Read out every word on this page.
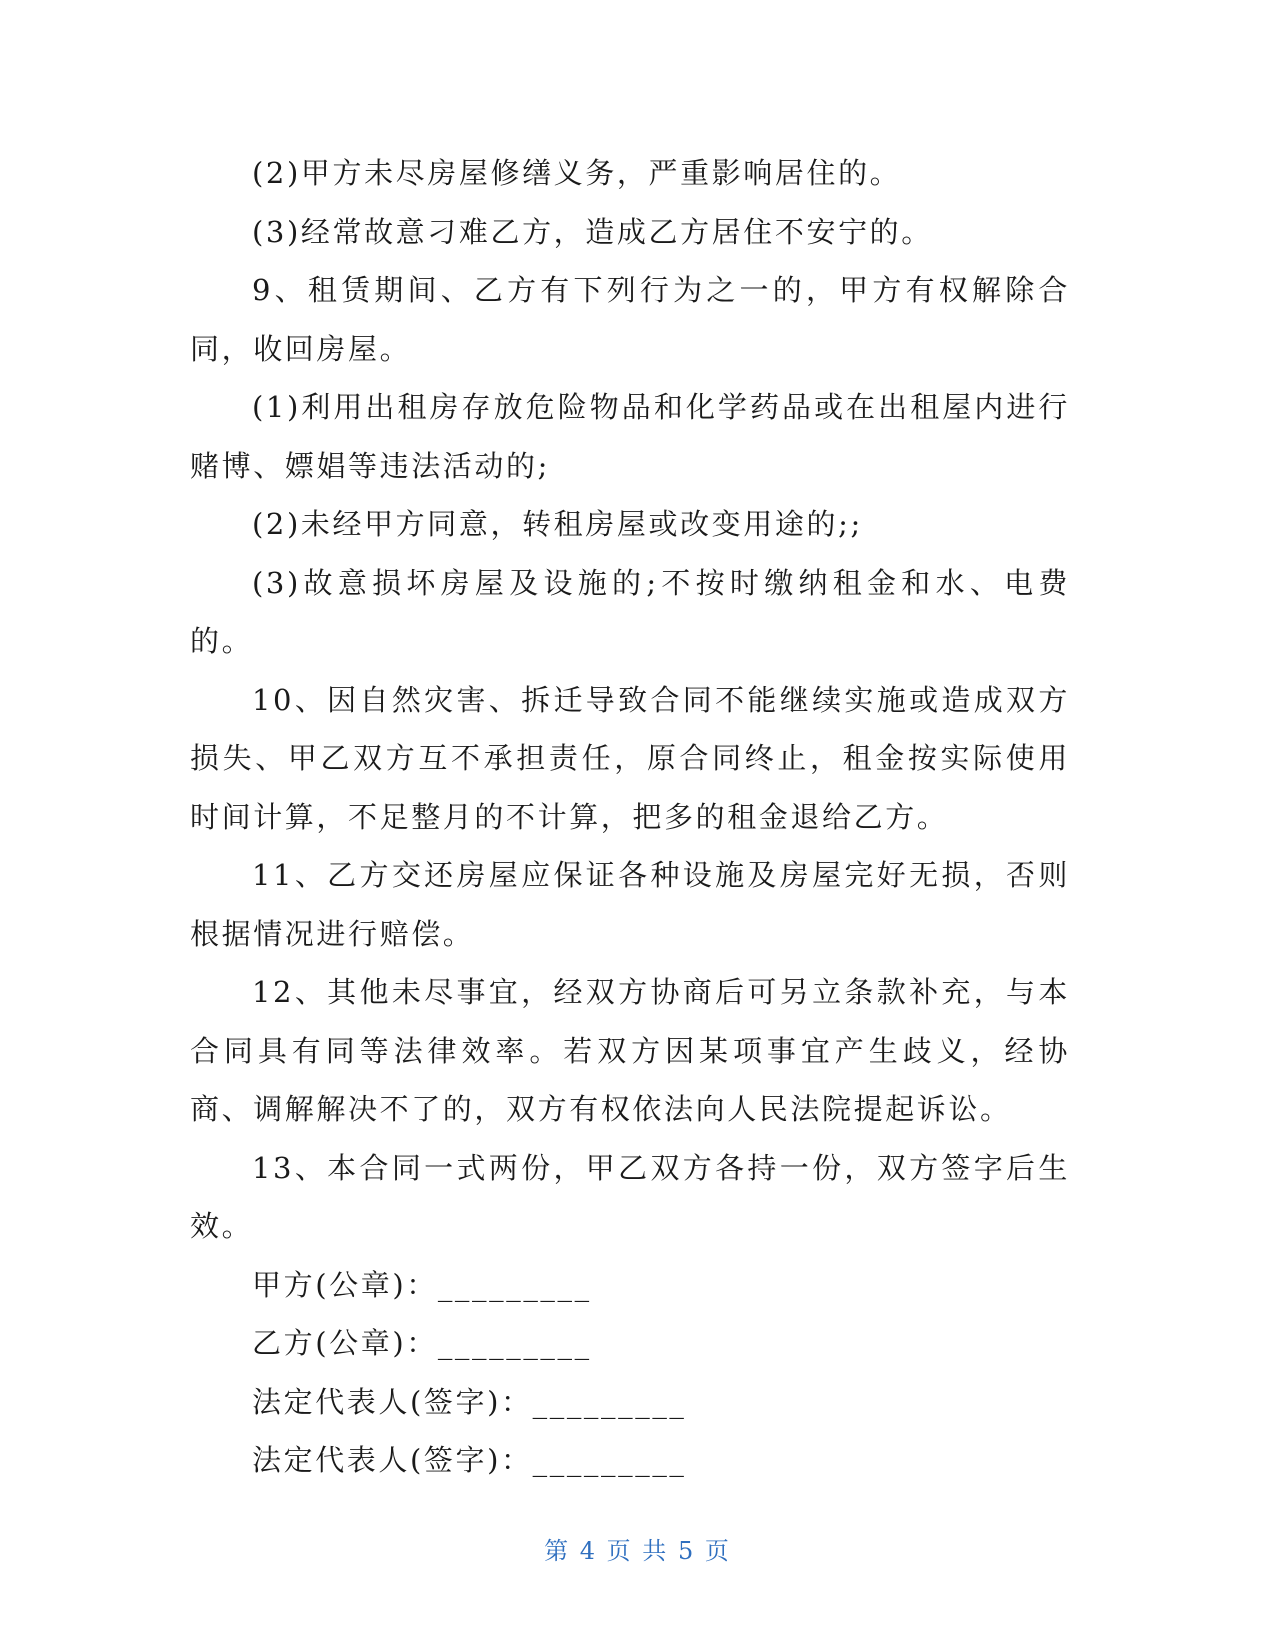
(2)甲方未尽房屋修缮义务，严重影响居住的。

(3)经常故意刁难乙方，造成乙方居住不安宁的。

9、租赁期间、乙方有下列行为之一的，甲方有权解除合同，收回房屋。

(1)利用出租房存放危险物品和化学药品或在出租屋内进行赌博、嫖娼等违法活动的;

(2)未经甲方同意，转租房屋或改变用途的;;

(3)故意损坏房屋及设施的;不按时缴纳租金和水、电费的。

10、因自然灾害、拆迁导致合同不能继续实施或造成双方损失、甲乙双方互不承担责任，原合同终止，租金按实际使用时间计算，不足整月的不计算，把多的租金退给乙方。

11、乙方交还房屋应保证各种设施及房屋完好无损，否则根据情况进行赔偿。

12、其他未尽事宜，经双方协商后可另立条款补充，与本合同具有同等法律效率。若双方因某项事宜产生歧义，经协商、调解解决不了的，双方有权依法向人民法院提起诉讼。

13、本合同一式两份，甲乙双方各持一份，双方签字后生效。

甲方(公章)：_________

乙方(公章)：_________

法定代表人(签字)：_________

法定代表人(签字)：_________

第 4 页 共 5 页
